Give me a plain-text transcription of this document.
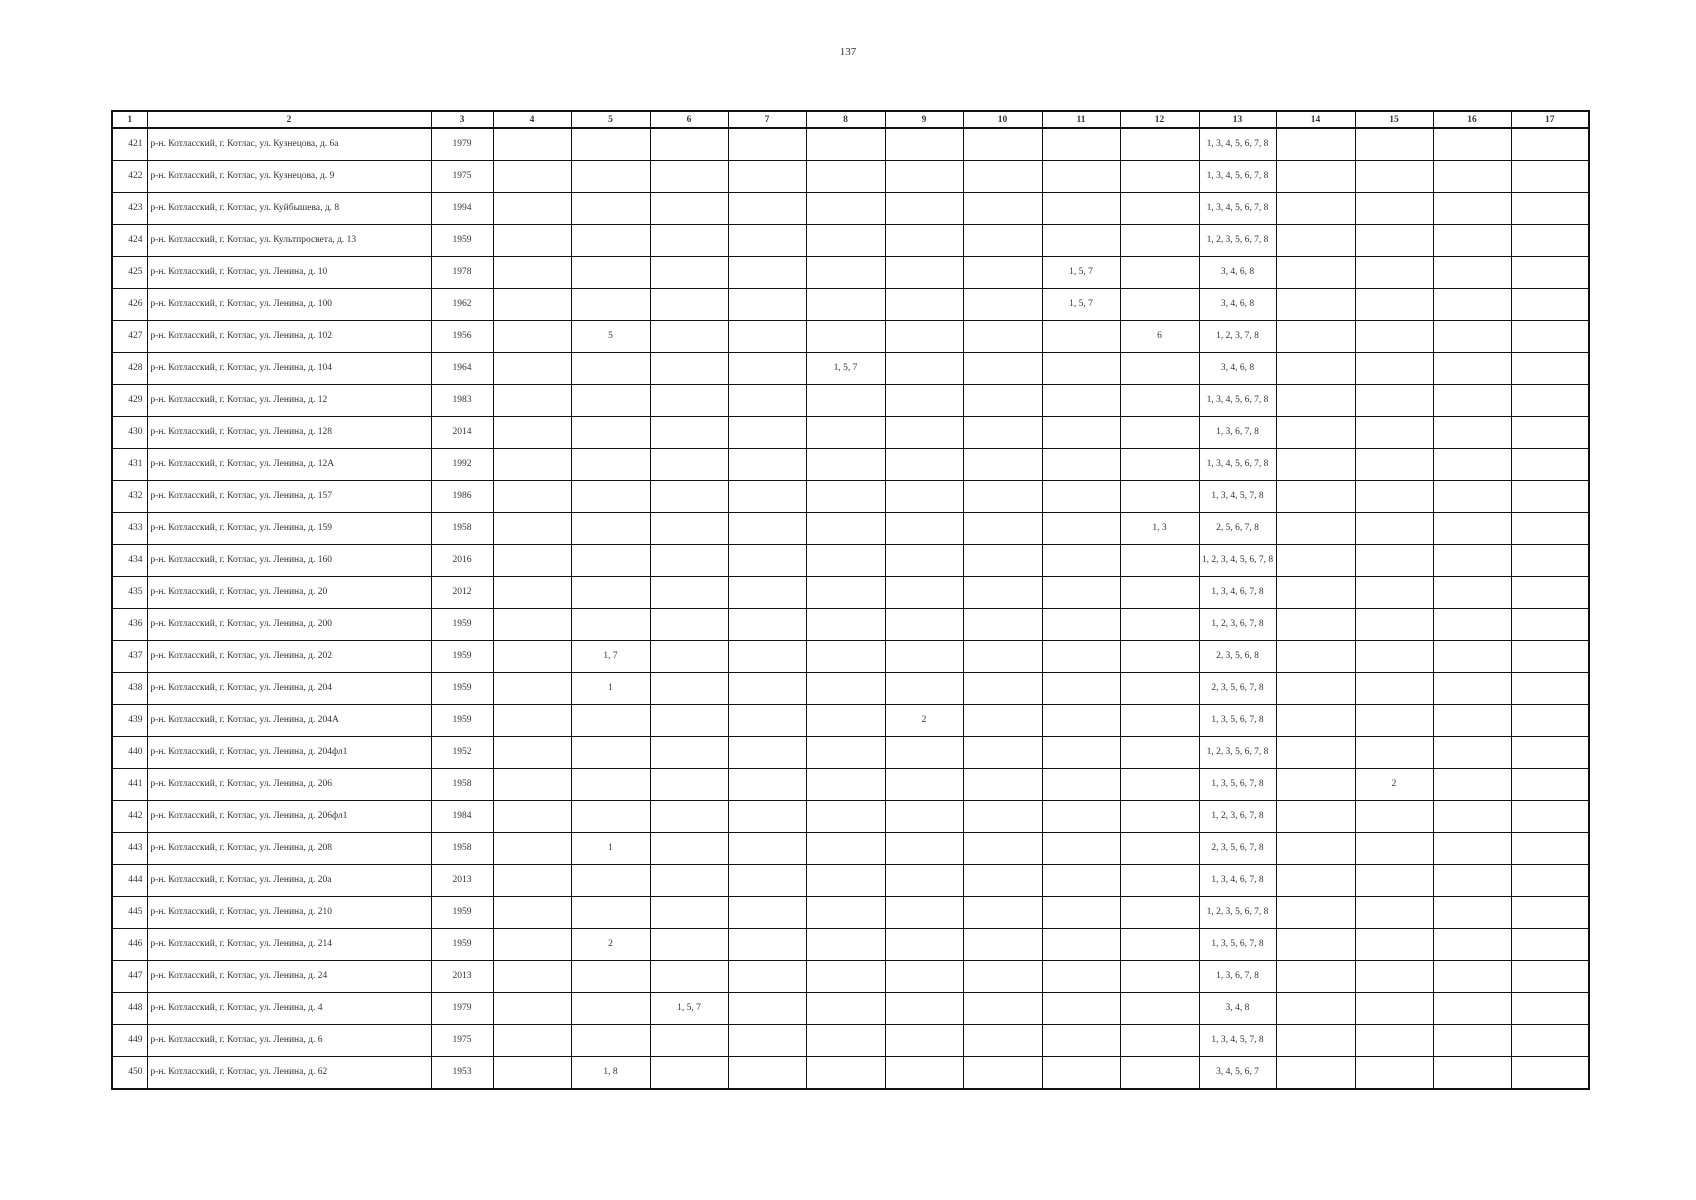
137
1	2	3	4	5	6	7	8	9	10	11	12	13	14	15	16	17
421	р-н. Котласский, г. Котлас, ул. Кузнецова, д. 6а	1979										1, 3, 4, 5, 6, 7, 8				
422	р-н. Котласский, г. Котлас, ул. Кузнецова, д. 9	1975										1, 3, 4, 5, 6, 7, 8				
423	р-н. Котласский, г. Котлас, ул. Куйбышева, д. 8	1994										1, 3, 4, 5, 6, 7, 8				
424	р-н. Котласский, г. Котлас, ул. Культпросвета, д. 13	1959										1, 2, 3, 5, 6, 7, 8				
425	р-н. Котласский, г. Котлас, ул. Ленина, д. 10	1978								1, 5, 7		3, 4, 6, 8				
426	р-н. Котласский, г. Котлас, ул. Ленина, д. 100	1962								1, 5, 7		3, 4, 6, 8				
427	р-н. Котласский, г. Котлас, ул. Ленина, д. 102	1956		5							6	1, 2, 3, 7, 8				
428	р-н. Котласский, г. Котлас, ул. Ленина, д. 104	1964					1, 5, 7					3, 4, 6, 8				
429	р-н. Котласский, г. Котлас, ул. Ленина, д. 12	1983										1, 3, 4, 5, 6, 7, 8				
430	р-н. Котласский, г. Котлас, ул. Ленина, д. 128	2014										1, 3, 6, 7, 8				
431	р-н. Котласский, г. Котлас, ул. Ленина, д. 12А	1992										1, 3, 4, 5, 6, 7, 8				
432	р-н. Котласский, г. Котлас, ул. Ленина, д. 157	1986										1, 3, 4, 5, 7, 8				
433	р-н. Котласский, г. Котлас, ул. Ленина, д. 159	1958									1, 3	2, 5, 6, 7, 8				
434	р-н. Котласский, г. Котлас, ул. Ленина, д. 160	2016										1, 2, 3, 4, 5, 6, 7, 8				
435	р-н. Котласский, г. Котлас, ул. Ленина, д. 20	2012										1, 3, 4, 6, 7, 8				
436	р-н. Котласский, г. Котлас, ул. Ленина, д. 200	1959										1, 2, 3, 6, 7, 8				
437	р-н. Котласский, г. Котлас, ул. Ленина, д. 202	1959		1, 7								2, 3, 5, 6, 8				
438	р-н. Котласский, г. Котлас, ул. Ленина, д. 204	1959		1								2, 3, 5, 6, 7, 8				
439	р-н. Котласский, г. Котлас, ул. Ленина, д. 204А	1959						2				1, 3, 5, 6, 7, 8				
440	р-н. Котласский, г. Котлас, ул. Ленина, д. 204фл1	1952										1, 2, 3, 5, 6, 7, 8				
441	р-н. Котласский, г. Котлас, ул. Ленина, д. 206	1958										1, 3, 5, 6, 7, 8		2		
442	р-н. Котласский, г. Котлас, ул. Ленина, д. 206фл1	1984										1, 2, 3, 6, 7, 8				
443	р-н. Котласский, г. Котлас, ул. Ленина, д. 208	1958		1								2, 3, 5, 6, 7, 8				
444	р-н. Котласский, г. Котлас, ул. Ленина, д. 20а	2013										1, 3, 4, 6, 7, 8				
445	р-н. Котласский, г. Котлас, ул. Ленина, д. 210	1959										1, 2, 3, 5, 6, 7, 8				
446	р-н. Котласский, г. Котлас, ул. Ленина, д. 214	1959		2								1, 3, 5, 6, 7, 8				
447	р-н. Котласский, г. Котлас, ул. Ленина, д. 24	2013										1, 3, 6, 7, 8				
448	р-н. Котласский, г. Котлас, ул. Ленина, д. 4	1979			1, 5, 7							3, 4, 8				
449	р-н. Котласский, г. Котлас, ул. Ленина, д. 6	1975										1, 3, 4, 5, 7, 8				
450	р-н. Котласский, г. Котлас, ул. Ленина, д. 62	1953		1, 8								3, 4, 5, 6, 7				
